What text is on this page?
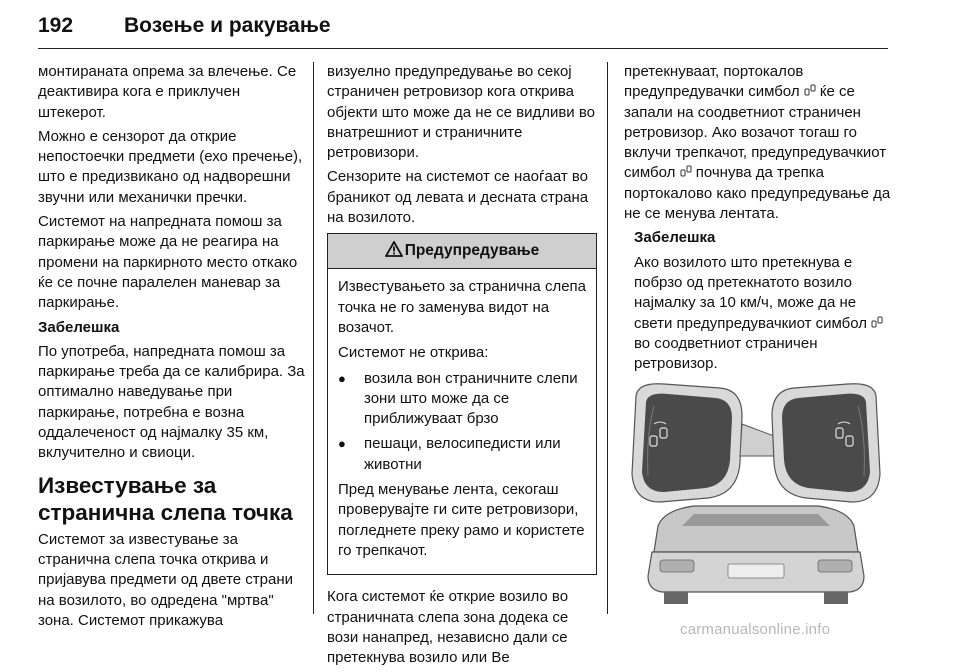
192 Возење и ракување

монтираната опрема за влечење. Се деактивира кога е приклучен штекерот.

Можно е сензорот да открие непостоечки предмети (ехо пречење), што е предизвикано од надворешни звучни или механички пречки.

Системот на напредната помош за паркирање може да не реагира на промени на паркирното место откако ќе се почне паралелен маневар за паркирање.

Забелешка

По употреба, напредната помош за паркирање треба да се калибрира. За оптимално наведување при паркирање, потребна е возна оддалеченост од најмалку 35 км, вклучително и свиоци.

Известување за странична слепа точка

Системот за известување за странична слепа точка открива и пријавува предмети од двете страни на возилото, во одредена "мртва" зона. Системот прикажува

визуелно предупредување во секој страничен ретровизор кога открива објекти што може да не се видливи во внатрешниот и страничните ретровизори.

Сензорите на системот се наоѓаат во браникот од левата и десната страна на возилото.

Предупредување

Известувањето за странична слепа точка не го заменува видот на возачот.

Системот не открива:

●	возила вон страничните слепи зони што може да се приближуваат брзо
●	пешаци, велосипедисти или животни

Пред менување лента, секогаш проверувајте ги сите ретровизори, погледнете преку рамо и користете го трепкачот.

Кога системот ќе открие возило во страничната слепа зона додека се вози нанапред, независно дали се претекнува возило или Ве

претекнуваат, портокалов предупредувачки симбол ќе се запали на соодветниот страничен ретровизор. Ако возачот тогаш го вклучи трепкачот, предупредувачкиот симбол почнува да трепка портокалово како предупредување да не се менува лентата.

Забелешка

Ако возилото што претекнува е побрзо од претекнатото возило најмалку за 10 км/ч, може да не свети предупредувачкиот симбол  во соодветниот страничен ретровизор.

carmanualsonline.info
